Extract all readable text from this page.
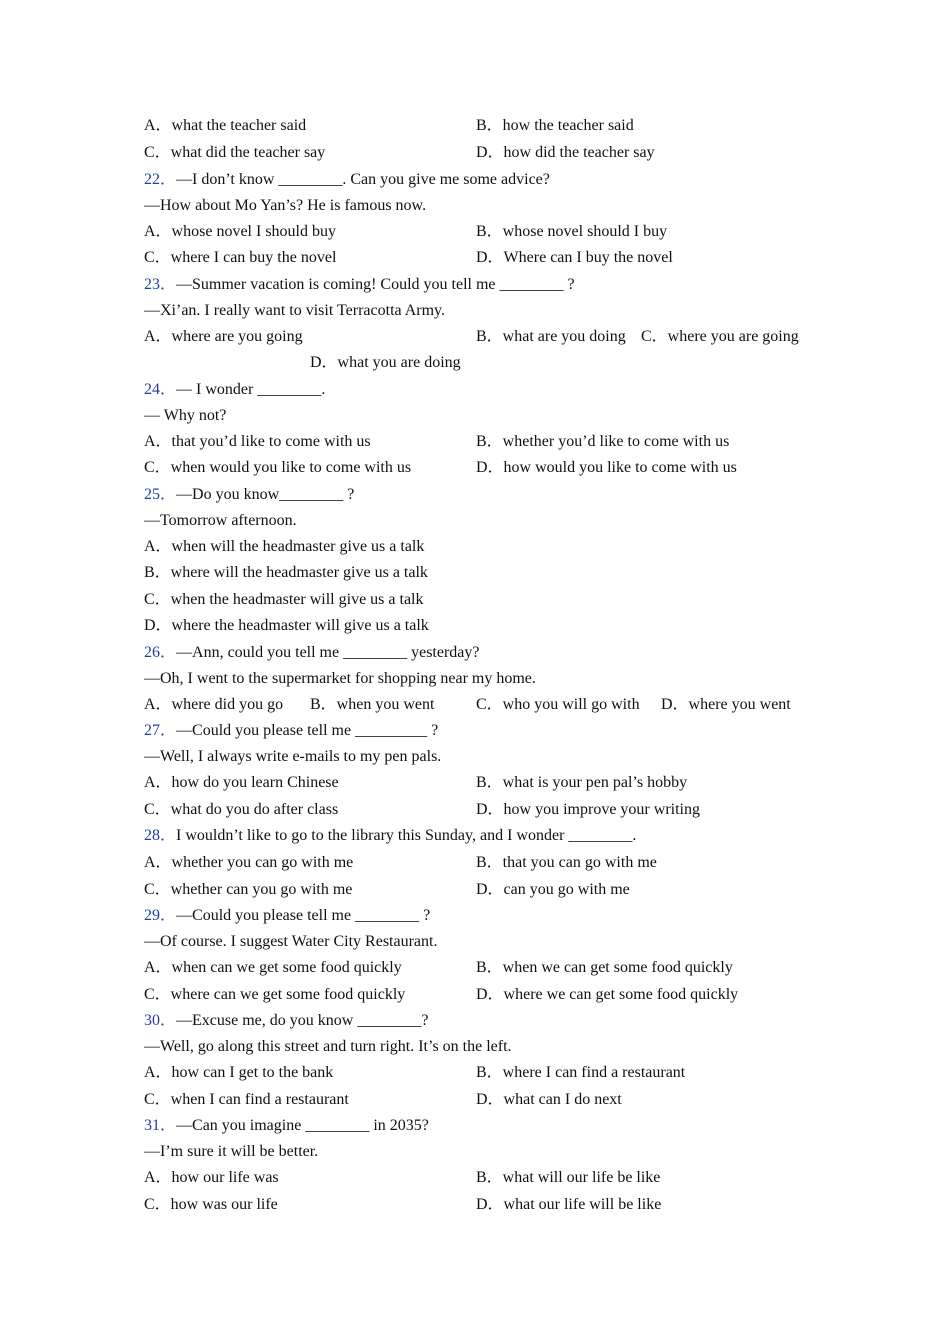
A．what the teacher said	B．how the teacher said
C．what did the teacher say	D．how did the teacher say
22．—I don’t know ________. Can you give me some advice?
—How about Mo Yan’s? He is famous now.
A．whose novel I should buy	B．whose novel should I buy
C．where I can buy the novel	D．Where can I buy the novel
23．—Summer vacation is coming! Could you tell me ________ ?
—Xi’an. I really want to visit Terracotta Army.
A．where are you going	B．what are you doing C．where you are going
D．what you are doing
24．— I wonder ________.
— Why not?
A．that you’d like to come with us	B．whether you’d like to come with us
C．when would you like to come with us	D．how would you like to come with us
25．—Do you know________ ?
—Tomorrow afternoon.
A．when will the headmaster give us a talk
B．where will the headmaster give us a talk
C．when the headmaster will give us a talk
D．where the headmaster will give us a talk
26．—Ann, could you tell me ________ yesterday?
—Oh, I went to the supermarket for shopping near my home.
A．where did you go B．when you went	C．who you will go with D．where you went
27．—Could you please tell me _________ ?
—Well, I always write e-mails to my pen pals.
A．how do you learn Chinese	B．what is your pen pal’s hobby
C．what do you do after class	D．how you improve your writing
28．I wouldn’t like to go to the library this Sunday, and I wonder ________.
A．whether you can go with me	B．that you can go with me
C．whether can you go with me	D．can you go with me
29．—Could you please tell me ________ ?
—Of course. I suggest Water City Restaurant.
A．when can we get some food quickly	B．when we can get some food quickly
C．where can we get some food quickly	D．where we can get some food quickly
30．—Excuse me, do you know ________?
—Well, go along this street and turn right. It’s on the left.
A．how can I get to the bank	B．where I can find a restaurant
C．when I can find a restaurant	D．what can I do next
31．—Can you imagine ________ in 2035?
—I’m sure it will be better.
A．how our life was	B．what will our life be like
C．how was our life	D．what our life will be like
